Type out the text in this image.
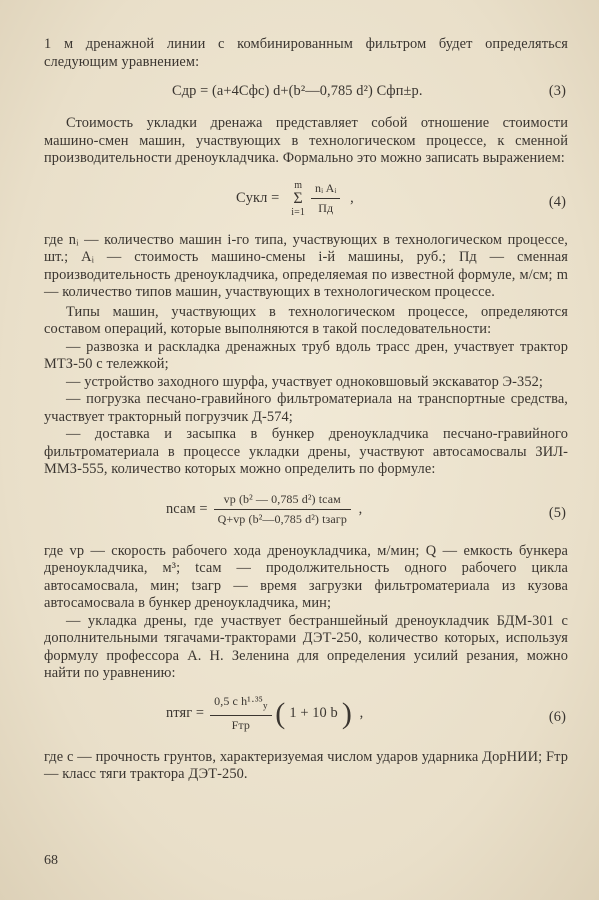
1 м дренажной линии с комбинированным фильтром будет определяться следующим уравнением:

Cдр = (a+4Cфс) d+(b²—0,785 d²) Cфп±p.	(3)

Стоимость укладки дренажа представляет собой отношение стоимости машино-смен машин, участвующих в технологическом процессе, к сменной производительности дреноукладчика. Формально это можно записать выражением:

Cукл =m
Σ
$i=1 \frac{\text{nᵢ Aᵢ}}{Пд}$ ,	(4)

где nᵢ — количество машин i-го типа, участвующих в технологическом процессе, шт.; Aᵢ — стоимость машино-смены i-й машины, руб.; Пд — сменная производительность дреноукладчика, определяемая по известной формуле, м/см; m — количество типов машин, участвующих в технологическом процессе.

Типы машин, участвующих в технологическом процессе, определяются составом операций, которые выполняются в такой последовательности:

— развозка и раскладка дренажных труб вдоль трасс дрен, участвует трактор МТЗ-50 с тележкой;

— устройство заходного шурфа, участвует одноковшовый экскаватор Э-352;

— погрузка песчано-гравийного фильтроматериала на транспортные средства, участвует тракторный погрузчик Д-574;

— доставка и засыпка в бункер дреноукладчика песчано-гравийного фильтроматериала в процессе укладки дрены, участвуют автосамосвалы ЗИЛ-ММЗ-555, количество которых можно определить по формуле:

nсам = $\frac{\text{vр (b² — 0,785 d²) tсам}}{\text{Q+vр (b²—0,785 d²) tзагр}}$ ,	(5)

где vр — скорость рабочего хода дреноукладчика, м/мин; Q — емкость бункера дреноукладчика, м³; tсам — продолжительность одного рабочего цикла автосамосвала, мин; tзагр — время загрузки фильтроматериала из кузова автосамосвала в бункер дреноукладчика, мин;

— укладка дрены, где участвует бестраншейный дреноукладчик БДМ-301 с дополнительными тягачами-тракторами ДЭТ-250, количество которых, используя формулу профессора А. Н. Зеленина для определения усилий резания, можно найти по уравнению:

nтяг = $\frac{0,5 c h^1\cdot^{35}_у}{\text{Fтр}}$ ( 1 + 10 b ) ,	(6)

где c — прочность грунтов, характеризуемая числом ударов ударника ДорНИИ; Fтр — класс тяги трактора ДЭТ-250.

68
